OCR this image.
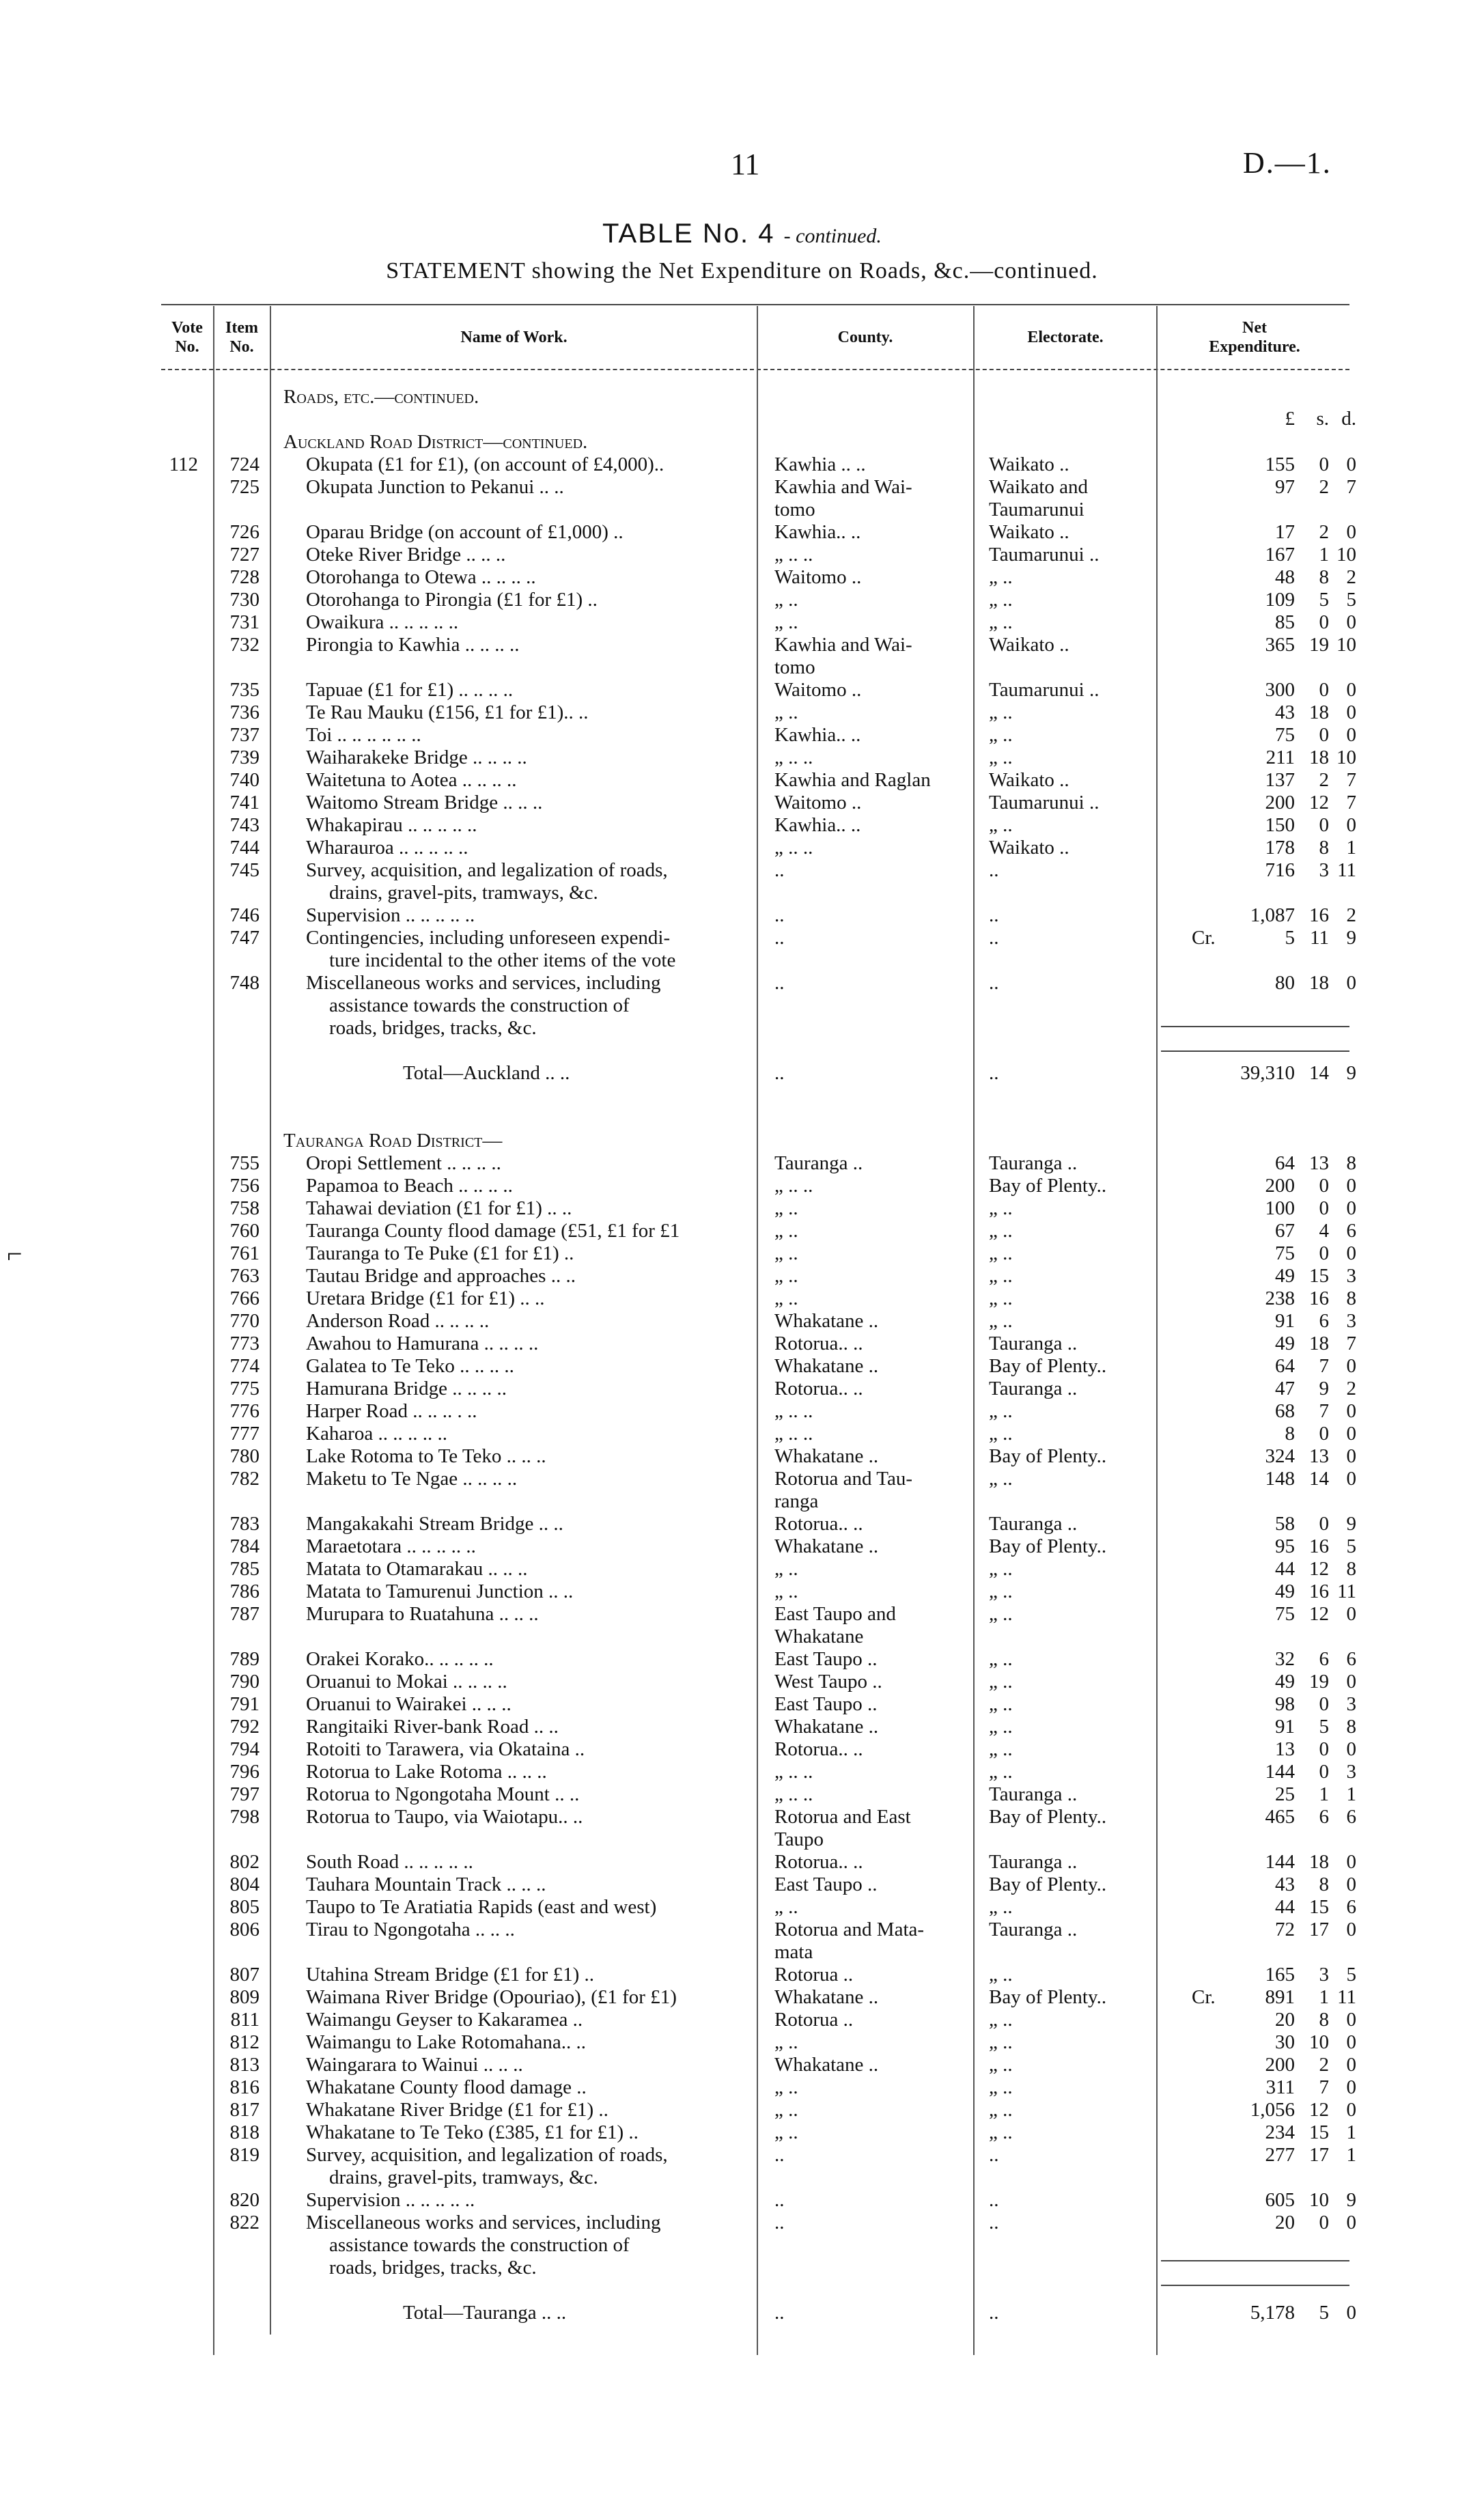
11	D.—1.
TABLE No. 4 - continued.
STATEMENT showing the Net Expenditure on Roads, &c.—continued.
Vote
No.
Item
No.
Name of Work.	County.	Electorate.
Net
Expenditure.
£	s. d.
Roads, etc.—continued.
Auckland Road District—continued.
112	724 Okupata (£1 for £1), (on account of £4,000)..	Kawhia .. ..	Waikato ..	155	0 0
725 Okupata Junction to Pekanui .. ..	Kawhia and Wai-	Waikato and	97	2 7
tomo	Taumarunui
726 Oparau Bridge (on account of £1,000) ..	Kawhia.. ..	Waikato ..	17	2 0
727 Oteke River Bridge .. .. ..	„ .. ..	Taumarunui ..	167	1 10
728 Otorohanga to Otewa .. .. .. ..	Waitomo ..	„ ..	48	8 2
730 Otorohanga to Pirongia (£1 for £1) ..	„ ..	„ ..	109	5 5
731 Owaikura .. .. .. .. ..	„ ..	„ ..	85	0 0
732 Pirongia to Kawhia .. .. .. ..	Kawhia and Wai-	Waikato ..	365 19 10
tomo
735 Tapuae (£1 for £1) .. .. .. ..	Waitomo ..	Taumarunui ..	300	0 0
736 Te Rau Mauku (£156, £1 for £1).. ..	„ ..	„ ..	43 18 0
737 Toi .. .. .. .. .. ..	Kawhia.. ..	„ ..	75	0 0
739 Waiharakeke Bridge .. .. .. ..	„ .. ..	„ ..	211 18 10
740 Waitetuna to Aotea .. .. .. ..	Kawhia and Raglan	Waikato ..	137	2 7
741 Waitomo Stream Bridge .. .. ..	Waitomo ..	Taumarunui ..	200 12 7
743 Whakapirau .. .. .. .. ..	Kawhia.. ..	„ ..	150	0 0
744 Wharauroa .. .. .. .. ..	„ .. ..	Waikato ..	178	8 1
745 Survey, acquisition, and legalization of roads,	..	..	716	3 11
drains, gravel-pits, tramways, &c.
746 Supervision .. .. .. .. ..	..	..	1,087 16 2
747 Contingencies, including unforeseen expendi-	..	..	Cr.	5 11 9
ture incidental to the other items of the vote
748 Miscellaneous works and services, including	..	..	80 18 0
assistance towards the construction of
roads, bridges, tracks, &c.
Total—Auckland .. ..	..	..	39,310 14 9
Tauranga Road District—
755 Oropi Settlement .. .. .. ..	Tauranga ..	Tauranga ..	64 13 8
756 Papamoa to Beach .. .. .. ..	„ .. ..	Bay of Plenty..	200	0 0
758 Tahawai deviation (£1 for £1) .. ..	„ ..	„ ..	100	0 0
760 Tauranga County flood damage (£51, £1 for £1	„ ..	„ ..	67	4 6
761 Tauranga to Te Puke (£1 for £1) ..	„ ..	„ ..	75	0 0
763 Tautau Bridge and approaches .. ..	„ ..	„ ..	49 15 3
766 Uretara Bridge (£1 for £1) .. ..	„ ..	„ ..	238 16 8
770 Anderson Road .. .. .. ..	Whakatane ..	„ ..	91	6 3
773 Awahou to Hamurana .. .. .. ..	Rotorua.. ..	Tauranga ..	49 18 7
774 Galatea to Te Teko .. .. .. ..	Whakatane ..	Bay of Plenty..	64	7 0
775 Hamurana Bridge .. .. .. ..	Rotorua.. ..	Tauranga ..	47	9 2
776 Harper Road .. .. .. . ..	„ .. ..	„ ..	68	7 0
777 Kaharoa .. .. .. .. ..	„ .. ..	„ ..	8	0 0
780 Lake Rotoma to Te Teko .. .. ..	Whakatane ..	Bay of Plenty..	324 13 0
782 Maketu to Te Ngae .. .. .. ..	Rotorua and Tau-	„ ..	148 14 0
ranga
783 Mangakakahi Stream Bridge .. ..	Rotorua.. ..	Tauranga ..	58	0 9
784 Maraetotara .. .. .. .. ..	Whakatane ..	Bay of Plenty..	95 16 5
785 Matata to Otamarakau .. .. ..	„ ..	„ ..	44 12 8
786 Matata to Tamurenui Junction .. ..	„ ..	„ ..	49 16 11
787 Murupara to Ruatahuna .. .. ..	East Taupo and	„ ..	75 12 0
Whakatane
789 Orakei Korako.. .. .. .. ..	East Taupo ..	„ ..	32	6 6
790 Oruanui to Mokai .. .. .. ..	West Taupo ..	„ ..	49 19 0
791 Oruanui to Wairakei .. .. ..	East Taupo ..	„ ..	98	0 3
792 Rangitaiki River-bank Road .. ..	Whakatane ..	„ ..	91	5 8
794 Rotoiti to Tarawera, via Okataina ..	Rotorua.. ..	„ ..	13	0 0
796 Rotorua to Lake Rotoma .. .. ..	„ .. ..	„ ..	144	0 3
797 Rotorua to Ngongotaha Mount .. ..	„ .. ..	Tauranga ..	25	1 1
798 Rotorua to Taupo, via Waiotapu.. ..	Rotorua and East	Bay of Plenty..	465	6 6
Taupo
802 South Road .. .. .. .. ..	Rotorua.. ..	Tauranga ..	144 18 0
804 Tauhara Mountain Track .. .. ..	East Taupo ..	Bay of Plenty..	43	8 0
805 Taupo to Te Aratiatia Rapids (east and west)	„ ..	„ ..	44 15 6
806 Tirau to Ngongotaha .. .. ..	Rotorua and Mata-	Tauranga ..	72 17 0
mata
807 Utahina Stream Bridge (£1 for £1) ..	Rotorua ..	„ ..	165	3 5
809 Waimana River Bridge (Opouriao), (£1 for £1)	Whakatane ..	Bay of Plenty..	Cr.	891	1 11
811 Waimangu Geyser to Kakaramea ..	Rotorua ..	„ ..	20	8 0
812 Waimangu to Lake Rotomahana.. ..	„ ..	„ ..	30 10 0
813 Waingarara to Wainui .. .. ..	Whakatane ..	„ ..	200	2 0
816 Whakatane County flood damage ..	„ ..	„ ..	311	7 0
817 Whakatane River Bridge (£1 for £1) ..	„ ..	„ ..	1,056 12 0
818 Whakatane to Te Teko (£385, £1 for £1) ..	„ ..	„ ..	234 15 1
819 Survey, acquisition, and legalization of roads,	..	..	277 17 1
drains, gravel-pits, tramways, &c.
820 Supervision .. .. .. .. ..	..	..	605 10 9
822 Miscellaneous works and services, including	..	..	20	0 0
assistance towards the construction of
roads, bridges, tracks, &c.
Total—Tauranga .. ..	..	..	5,178	5 0
⌐
